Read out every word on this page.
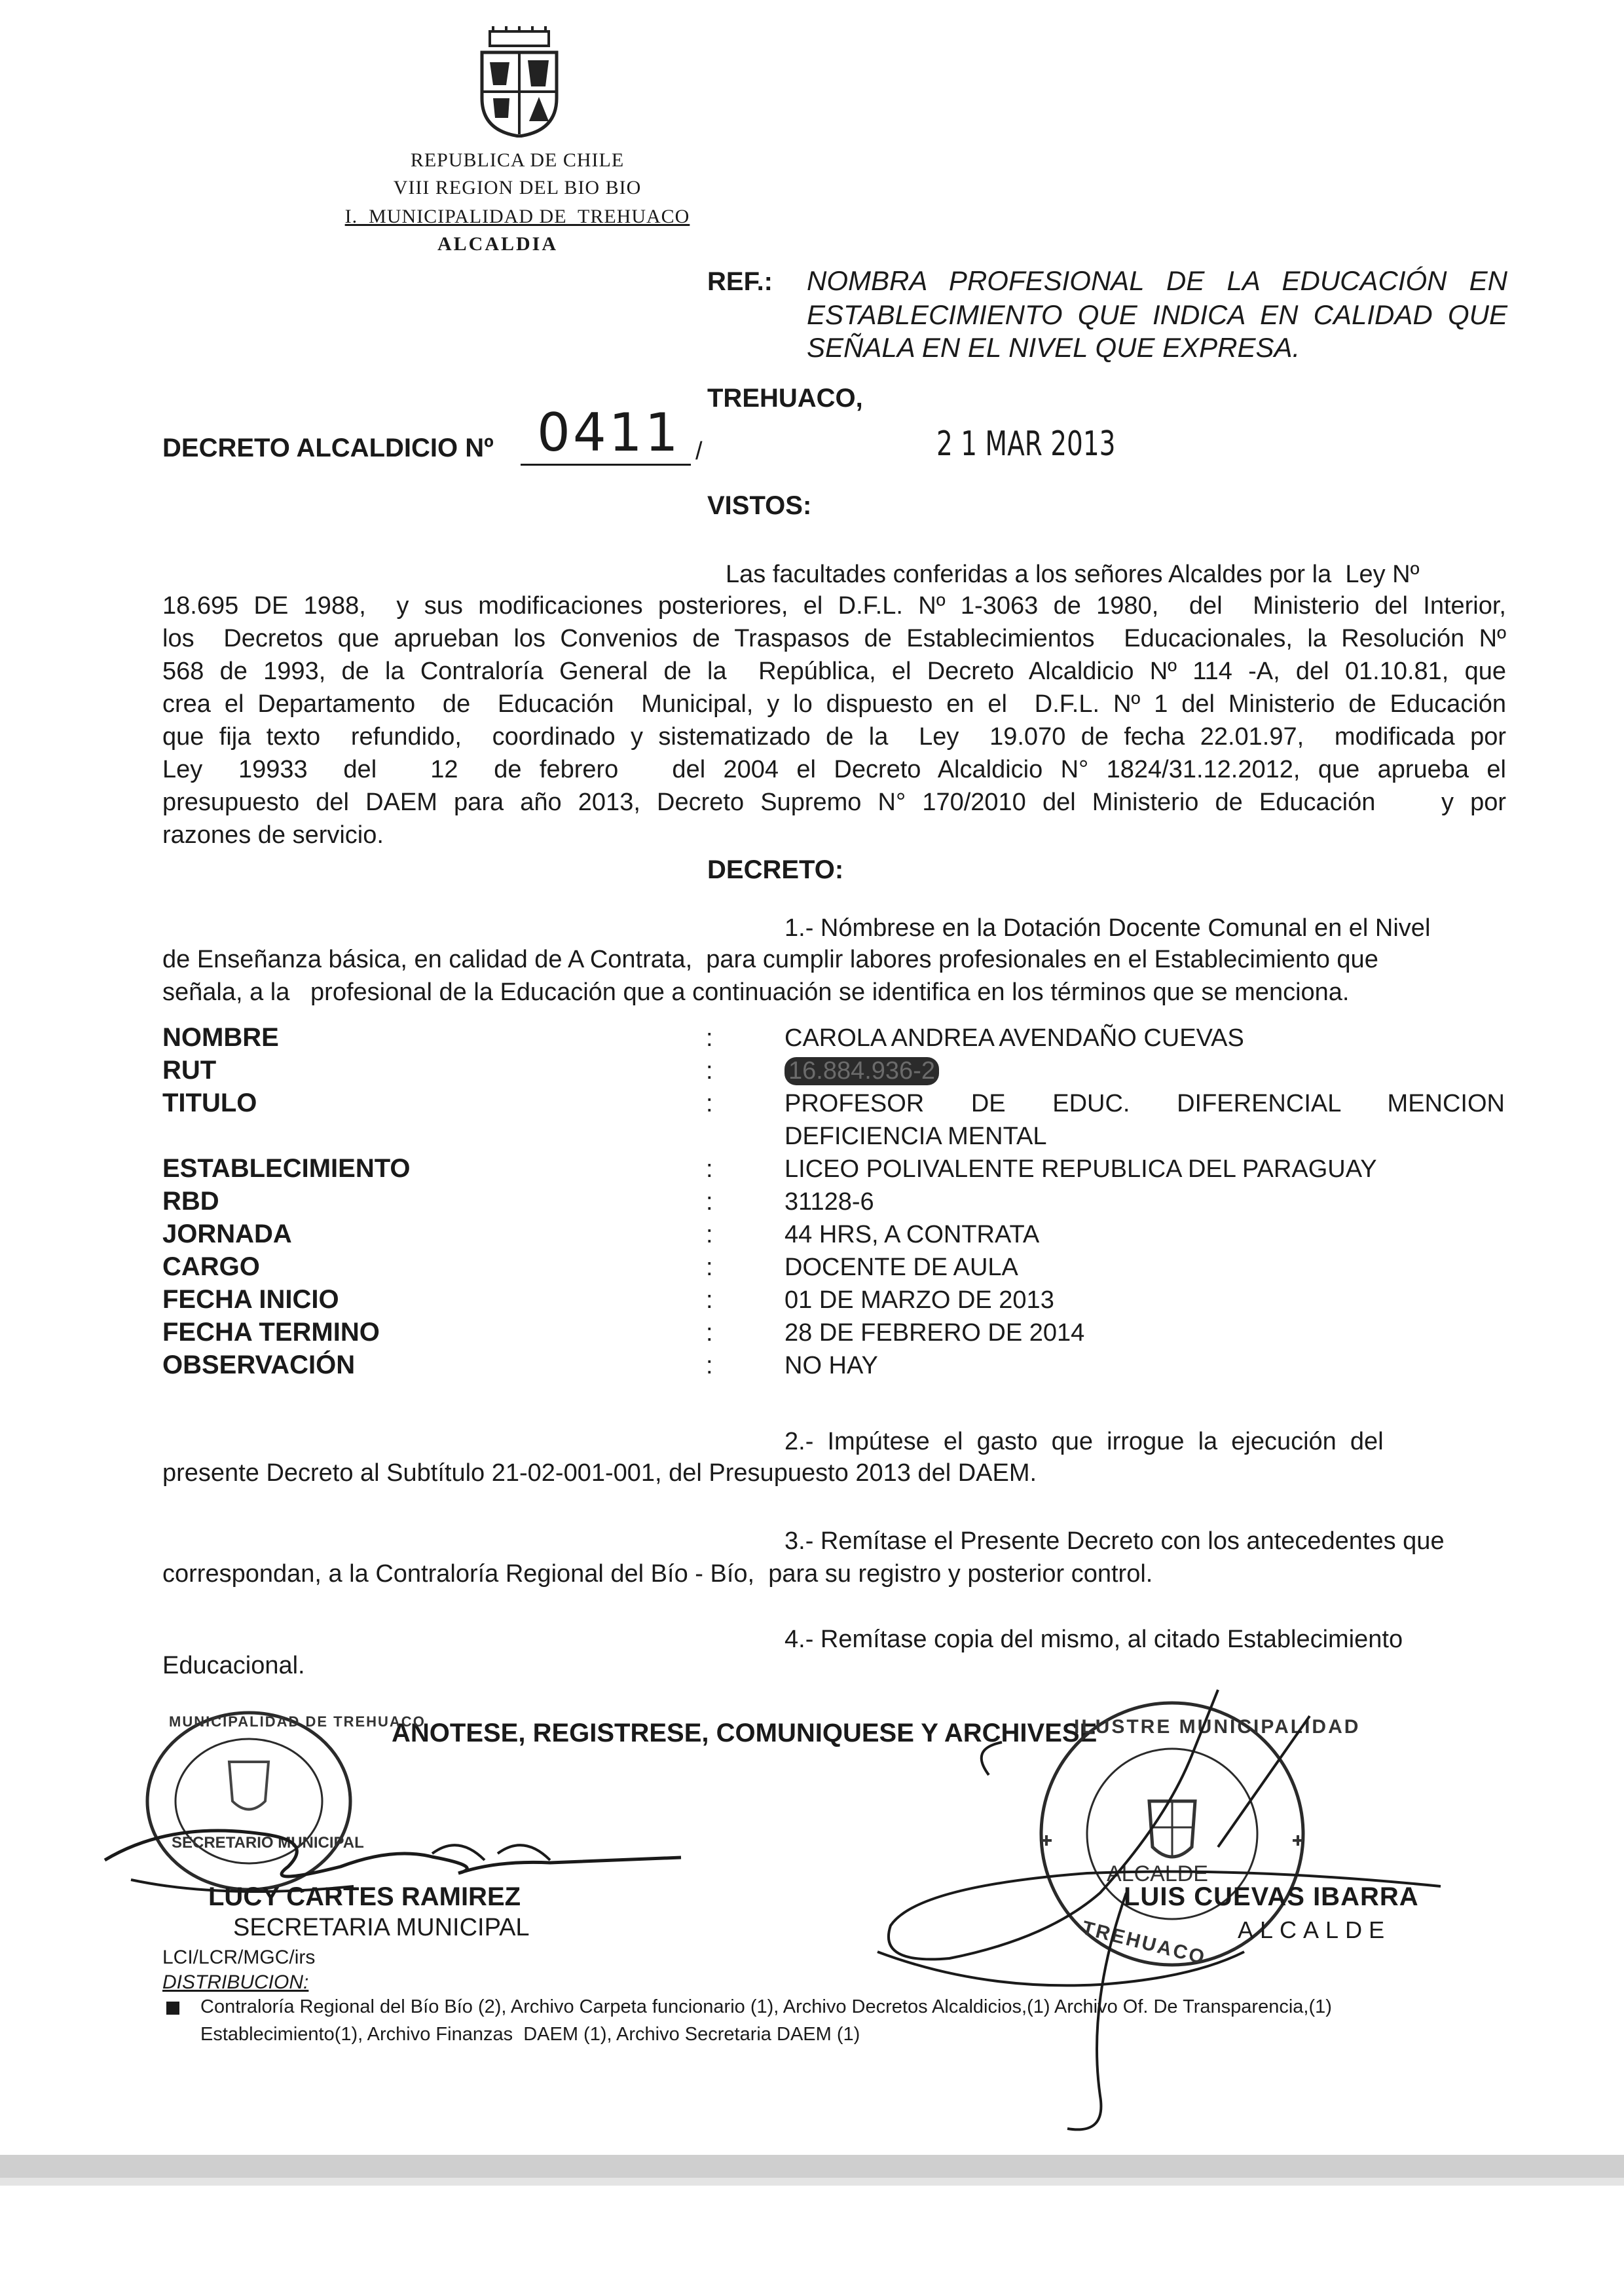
REPUBLICA DE CHILE
VIII REGION DEL BIO BIO
I.  MUNICIPALIDAD DE  TREHUACO
ALCALDIA
REF.: NOMBRA PROFESIONAL DE LA EDUCACIÓN EN
ESTABLECIMIENTO QUE INDICA EN CALIDAD QUE
SEÑALA EN EL NIVEL QUE EXPRESA.
TREHUACO,
DECRETO ALCALDICIO Nº 0411 /	2 1 MAR 2013
VISTOS:
Las facultades conferidas a los señores Alcaldes por la  Ley Nº
18.695 DE 1988,  y sus modificaciones posteriores, el D.F.L. Nº 1-3063 de 1980,  del  Ministerio del Interior,
los  Decretos que aprueban los Convenios de Traspasos de Establecimientos  Educacionales, la Resolución Nº
568 de 1993, de la Contraloría General de la  República, el Decreto Alcaldicio Nº 114 -A, del 01.10.81, que
crea el Departamento  de  Educación  Municipal, y lo dispuesto en el  D.F.L. Nº 1 del Ministerio de Educación
que fija texto  refundido,  coordinado y sistematizado de la  Ley  19.070 de fecha 22.01.97,  modificada por
Ley  19933  del   12  de febrero   del 2004 el Decreto Alcaldicio N° 1824/31.12.2012, que aprueba el
presupuesto del DAEM para año 2013, Decreto Supremo N° 170/2010 del Ministerio de Educación    y por
razones de servicio.
DECRETO:
1.- Nómbrese en la Dotación Docente Comunal en el Nivel
de Enseñanza básica, en calidad de A Contrata,  para cumplir labores profesionales en el Establecimiento que
señala, a la   profesional de la Educación que a continuación se identifica en los términos que se menciona.
NOMBRE	:	CAROLA ANDREA AVENDAÑO CUEVAS
RUT	:	16.884.936-2
TITULO	:	PROFESOR   DE   EDUC.   DIFERENCIAL   MENCION
DEFICIENCIA MENTAL
ESTABLECIMIENTO	:	LICEO POLIVALENTE REPUBLICA DEL PARAGUAY
RBD	:	31128-6
JORNADA	:	44 HRS, A CONTRATA
CARGO	:	DOCENTE DE AULA
FECHA INICIO	:	01 DE MARZO DE 2013
FECHA TERMINO	:	28 DE FEBRERO DE 2014
OBSERVACIÓN	:	NO HAY
2.-  Impútese  el  gasto  que  irrogue  la  ejecución  del
presente Decreto al Subtítulo 21-02-001-001, del Presupuesto 2013 del DAEM.
3.- Remítase el Presente Decreto con los antecedentes que
correspondan, a la Contraloría Regional del Bío - Bío,  para su registro y posterior control.
4.- Remítase copia del mismo, al citado Establecimiento
Educacional.
ANOTESE, REGISTRESE, COMUNIQUESE Y ARCHIVESE
MUNICIPALIDAD DE TREHUACO
SECRETARIO MUNICIPAL
LUCY CARTES RAMIREZ
SECRETARIA MUNICIPAL
ILUSTRE MUNICIPALIDAD
ALCALDE
TREHUACO
LUIS CUEVAS IBARRA
ALCALDE
LCI/LCR/MGC/irs
DISTRIBUCION:
Contraloría Regional del Bío Bío (2), Archivo Carpeta funcionario (1), Archivo Decretos Alcaldicios,(1) Archivo Of. De Transparencia,(1)
Establecimiento(1), Archivo Finanzas  DAEM (1), Archivo Secretaria DAEM (1)
